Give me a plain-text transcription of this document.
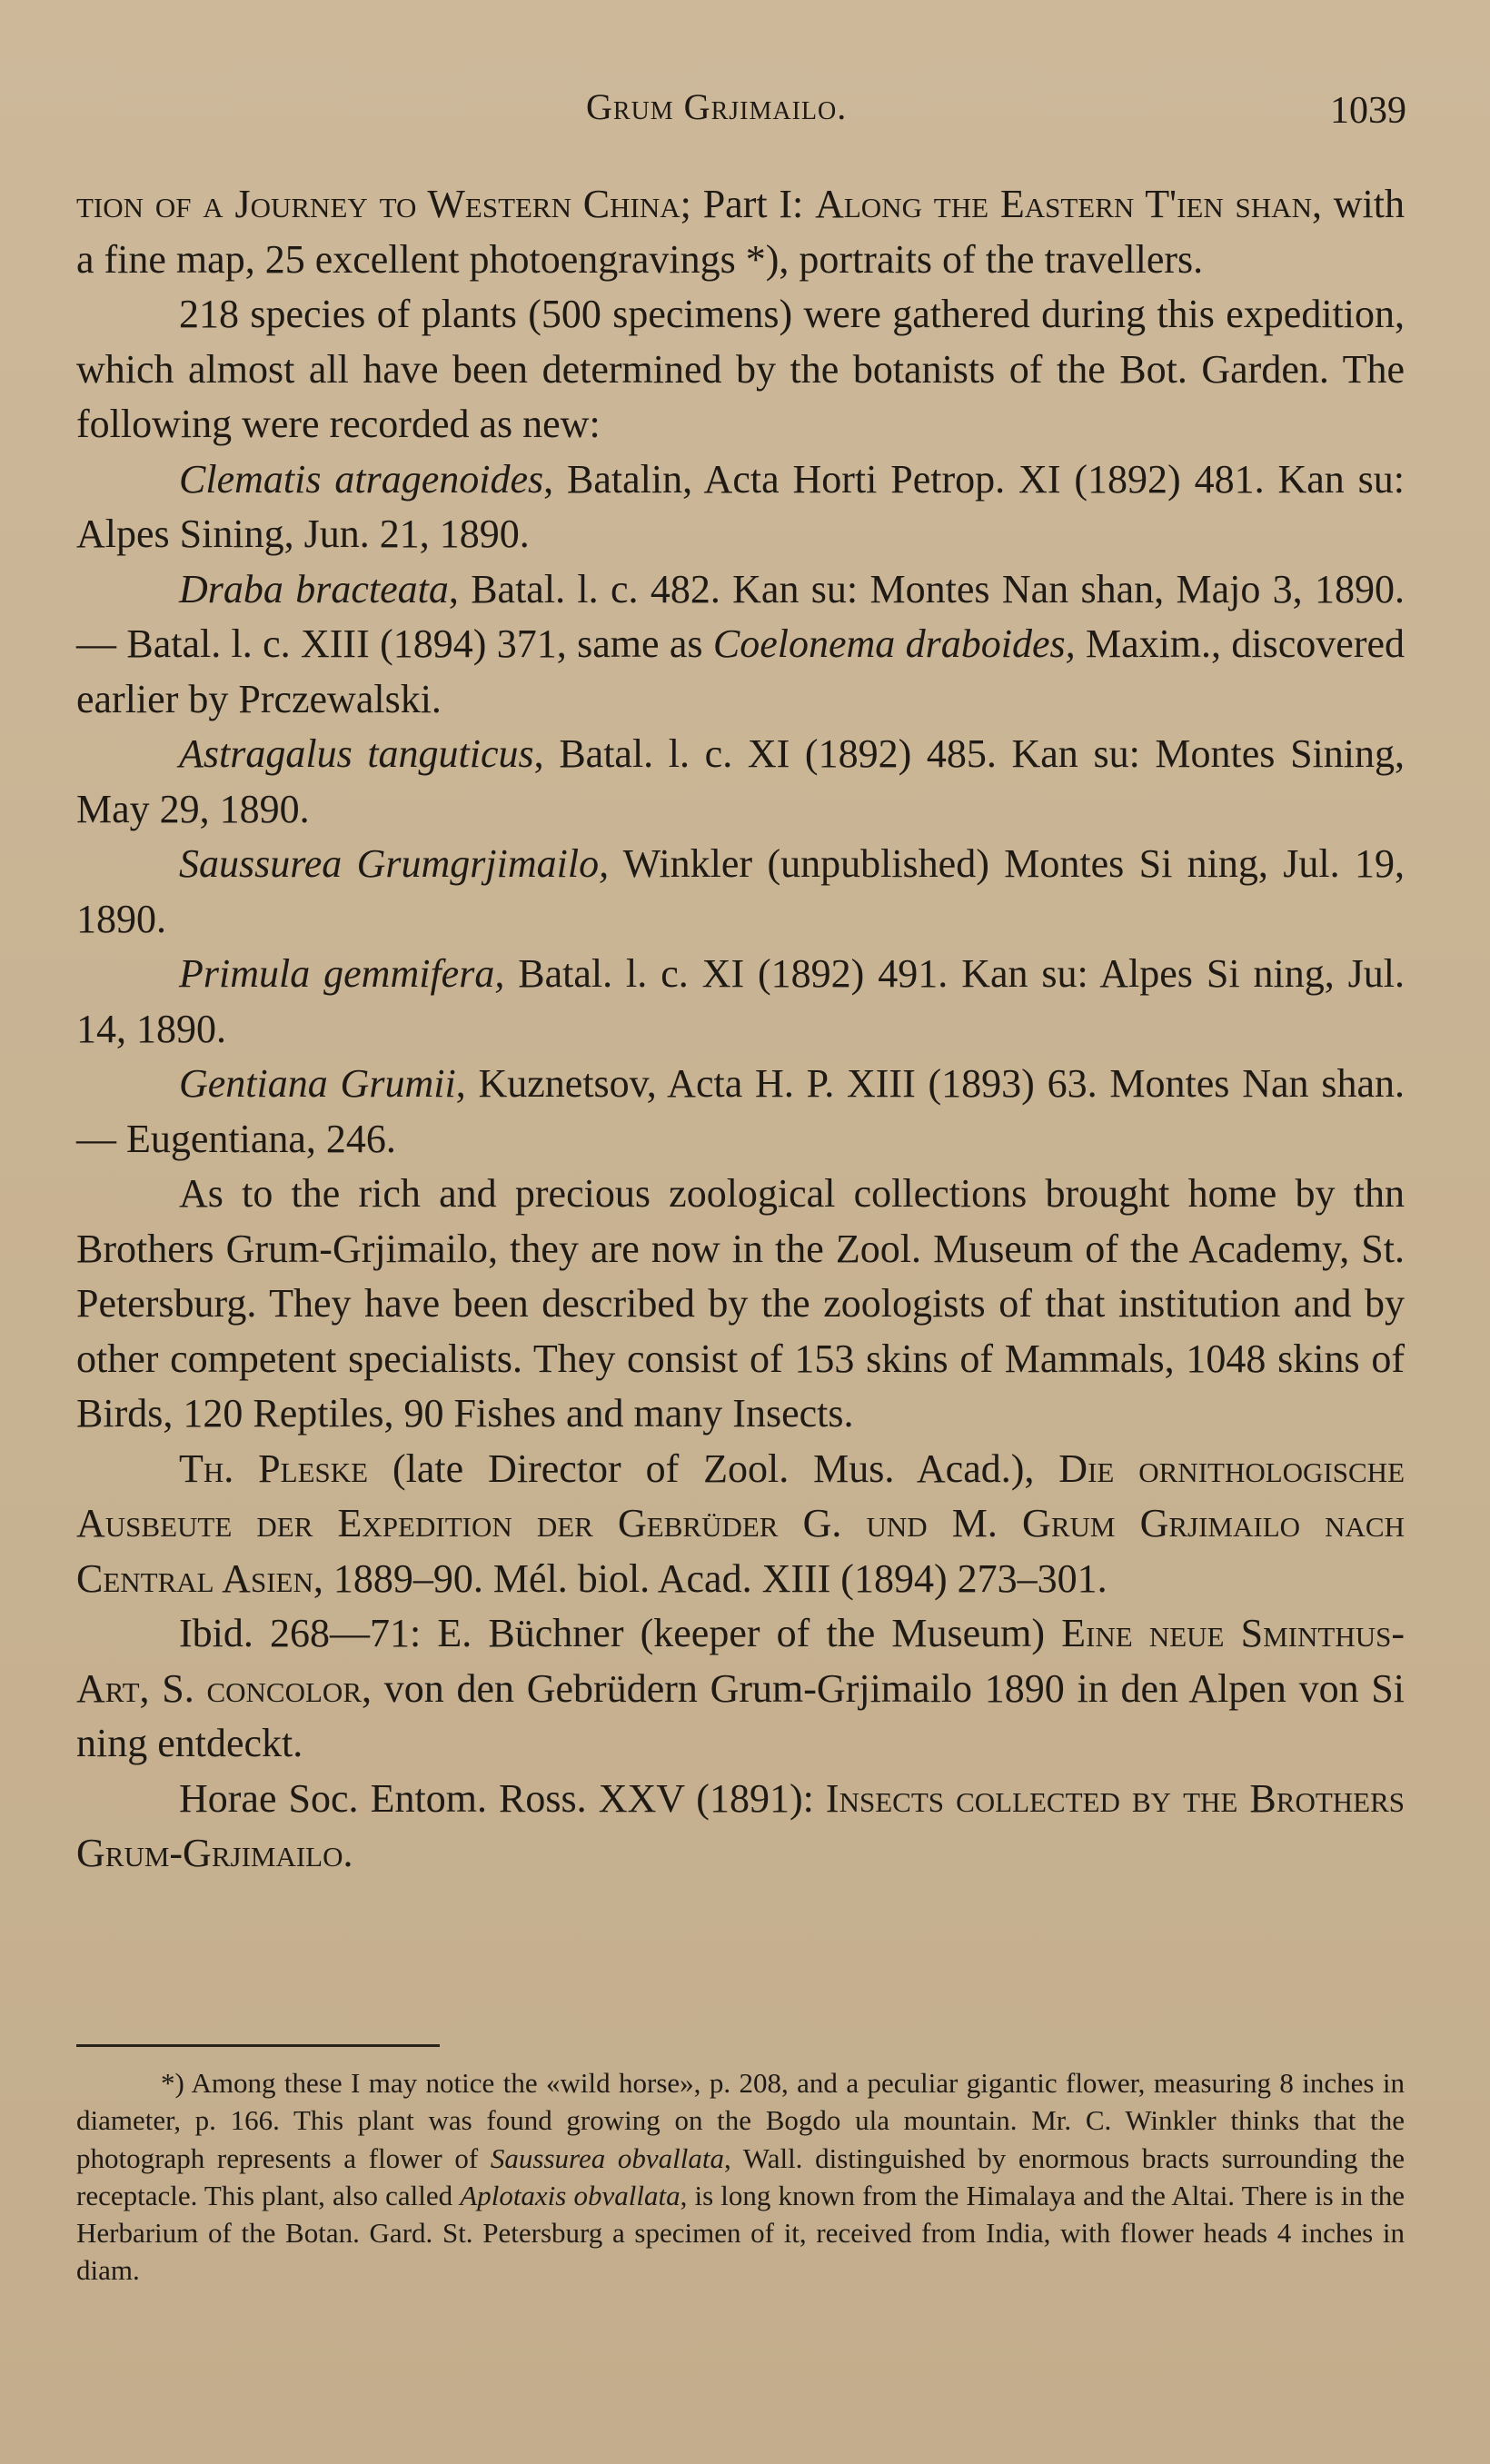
Grum Grjimailo.	1039

tion of a Journey to Western China; Part I: Along the Eastern T'ien shan, with a fine map, 25 excellent photoengravings *), portraits of the travellers.

218 species of plants (500 specimens) were gathered during this expedition, which almost all have been determined by the botanists of the Bot. Garden. The following were recorded as new:

Clematis atragenoides, Batalin, Acta Horti Petrop. XI (1892) 481. Kan su: Alpes Sining, Jun. 21, 1890.

Draba bracteata, Batal. l. c. 482. Kan su: Montes Nan shan, Majo 3, 1890. — Batal. l. c. XIII (1894) 371, same as Coelonema draboides, Maxim., discovered earlier by Prczewalski.

Astragalus tanguticus, Batal. l. c. XI (1892) 485. Kan su: Montes Sining, May 29, 1890.

Saussurea Grumgrjimailo, Winkler (unpublished) Montes Si ning, Jul. 19, 1890.

Primula gemmifera, Batal. l. c. XI (1892) 491. Kan su: Alpes Si ning, Jul. 14, 1890.

Gentiana Grumii, Kuznetsov, Acta H. P. XIII (1893) 63. Montes Nan shan. — Eugentiana, 246.

As to the rich and precious zoological collections brought home by thn Brothers Grum-Grjimailo, they are now in the Zool. Museum of the Academy, St. Petersburg. They have been described by the zoologists of that institution and by other competent specialists. They consist of 153 skins of Mammals, 1048 skins of Birds, 120 Reptiles, 90 Fishes and many Insects.

Th. Pleske (late Director of Zool. Mus. Acad.), Die ornithologische Ausbeute der Expedition der Gebrüder G. und M. Grum Grjimailo nach Central Asien, 1889–90. Mél. biol. Acad. XIII (1894) 273–301.

Ibid. 268—71: E. Büchner (keeper of the Museum) Eine neue Sminthus-Art, S. concolor, von den Gebrüdern Grum-Grjimailo 1890 in den Alpen von Si ning entdeckt.

Horae Soc. Entom. Ross. XXV (1891): Insects collected by the Brothers Grum-Grjimailo.

*) Among these I may notice the «wild horse», p. 208, and a peculiar gigantic flower, measuring 8 inches in diameter, p. 166. This plant was found growing on the Bogdo ula mountain. Mr. C. Winkler thinks that the photograph represents a flower of Saussurea obvallata, Wall. distinguished by enormous bracts surrounding the receptacle. This plant, also called Aplotaxis obvallata, is long known from the Himalaya and the Altai. There is in the Herbarium of the Botan. Gard. St. Petersburg a specimen of it, received from India, with flower heads 4 inches in diam.
